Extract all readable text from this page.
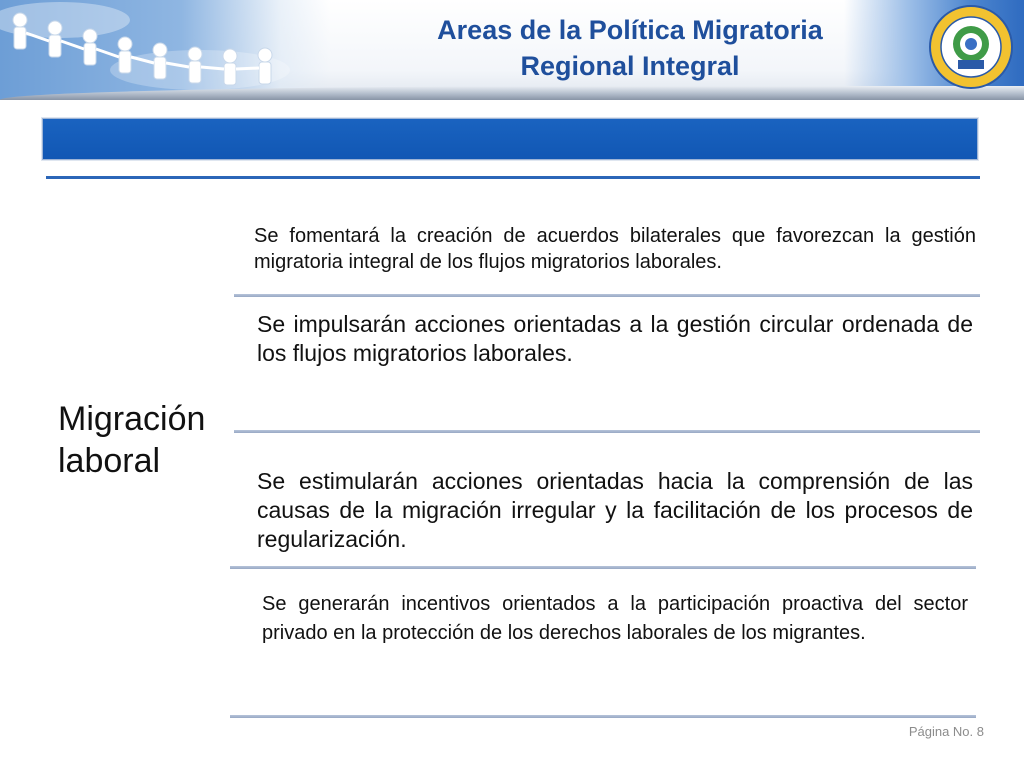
Areas de la Política Migratoria
Regional Integral
Migración
laboral
Se fomentará la creación de acuerdos bilaterales que favorezcan la gestión migratoria integral de los flujos migratorios laborales.
Se impulsarán acciones orientadas a la gestión circular ordenada de los flujos migratorios laborales.
Se estimularán acciones orientadas hacia la comprensión de las causas de la migración irregular y la facilitación de los procesos de regularización.
Se generarán incentivos orientados a la participación proactiva del sector privado en la protección de los derechos laborales de los migrantes.
Página No. 8
